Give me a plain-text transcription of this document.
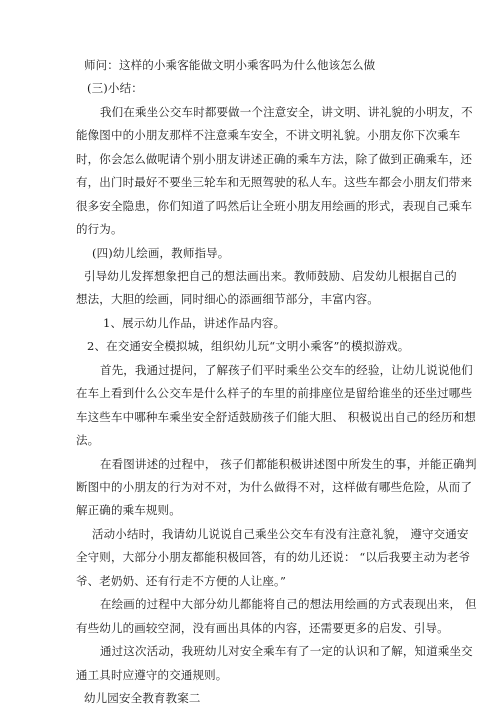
师问：这样的小乘客能做文明小乘客吗为什么他该怎么做
(三)小结：
我们在乘坐公交车时都要做一个注意安全，讲文明、讲礼貌的小明友，不
能像图中的小朋友那样不注意乘车安全，不讲文明礼貌。小朋友你下次乘车
时，你会怎么做呢请个别小朋友讲述正确的乘车方法，除了做到正确乘车，还
有，出门时最好不要坐三轮车和无照驾驶的私人车。这些车都会小朋友们带来
很多安全隐患，你们知道了吗然后让全班小朋友用绘画的形式，表现自己乘车
的行为。
(四)幼儿绘画，教师指导。
引导幼儿发挥想象把自己的想法画出来。教师鼓励、启发幼儿根据自己的
想法，大胆的绘画，同时细心的添画细节部分，丰富内容。
1、展示幼儿作品，讲述作品内容。
2、在交通安全模拟城，组织幼儿玩“文明小乘客”的模拟游戏。
首先，我通过提问，了解孩子们平时乘坐公交车的经验，让幼儿说说他们
在车上看到什么公交车是什么样子的车里的前排座位是留给谁坐的还坐过哪些
车这些车中哪种车乘坐安全舒适鼓励孩子们能大胆、 积极说出自己的经历和想
法。
在看图讲述的过程中， 孩子们都能积极讲述图中所发生的事，并能正确判
断图中的小朋友的行为对不对，为什么做得不对，这样做有哪些危险，从而了
解正确的乘车规则。
活动小结时，我请幼儿说说自己乘坐公交车有没有注意礼貌， 遵守交通安
全守则，大部分小朋友都能积极回答，有的幼儿还说： “以后我要主动为老爷
爷、老奶奶、还有行走不方便的人让座。”
在绘画的过程中大部分幼儿都能将自己的想法用绘画的方式表现出来， 但
有些幼儿的画较空洞，没有画出具体的内容，还需要更多的启发、引导。
通过这次活动，我班幼儿对安全乘车有了一定的认识和了解，知道乘坐交
通工具时应遵守的交通规则。
幼儿园安全教育教案二
